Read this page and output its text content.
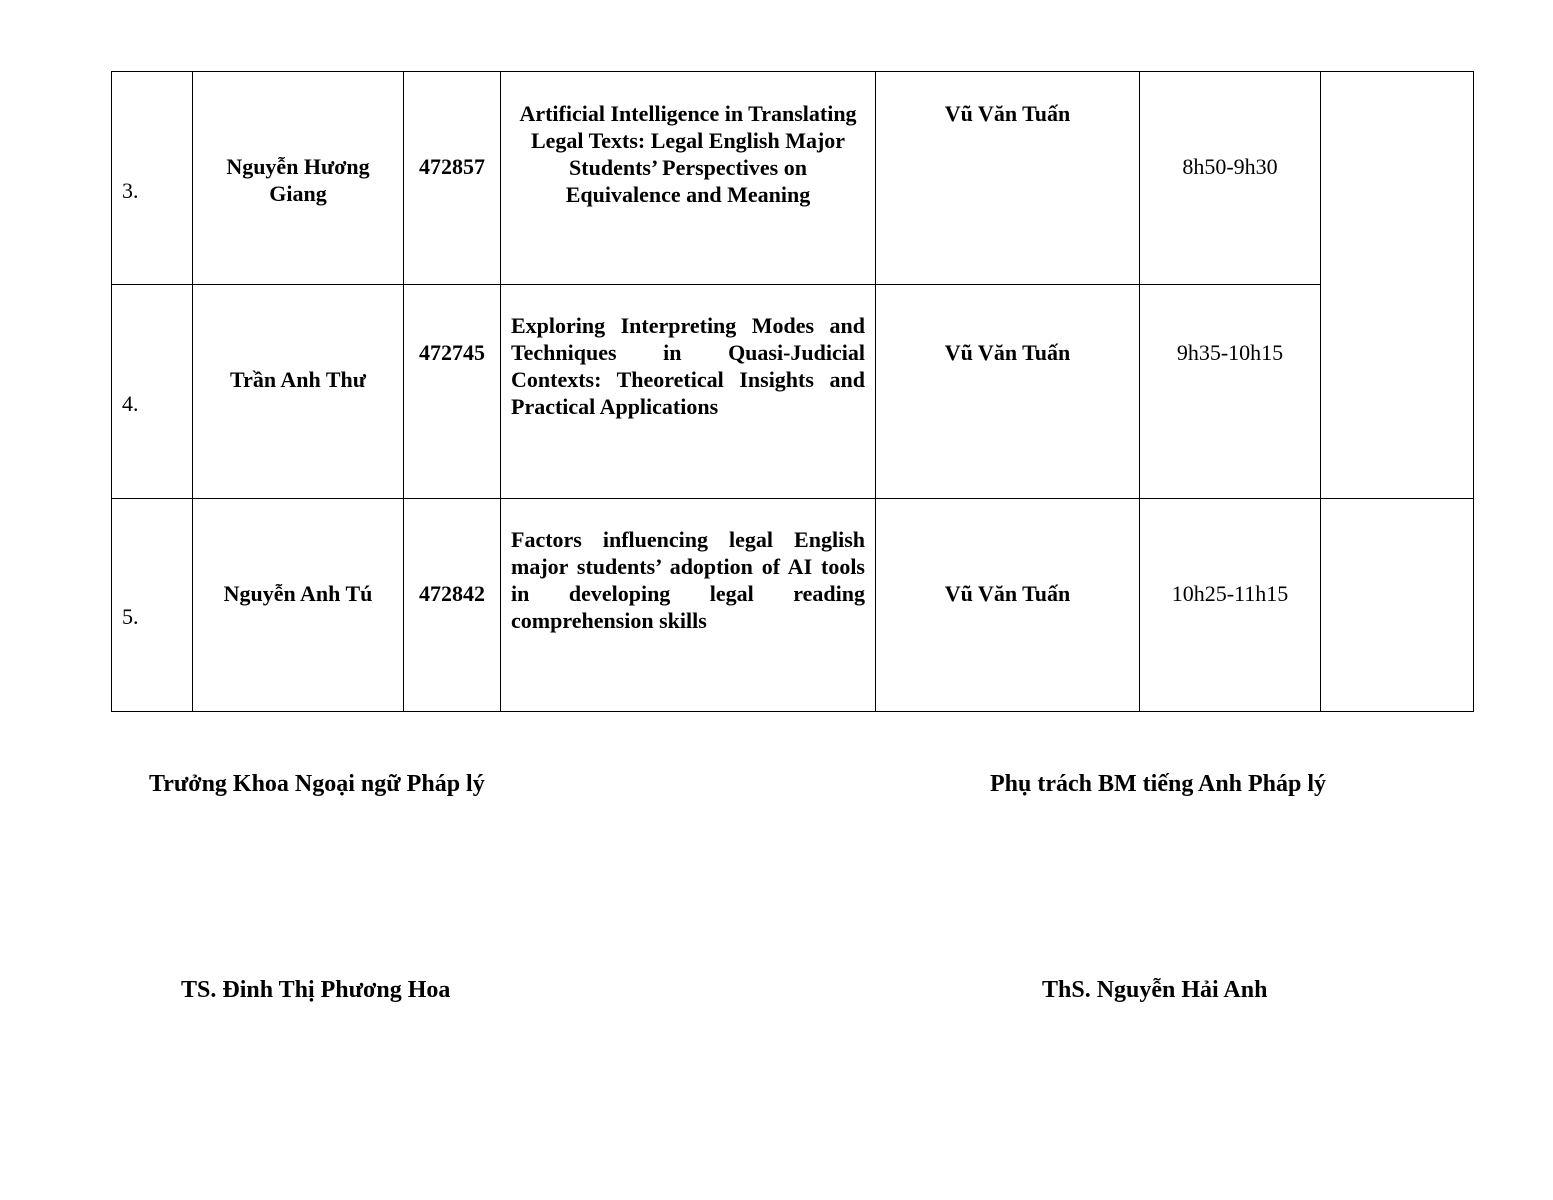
3.	Nguyễn Hương Giang	472857	Artificial Intelligence in Translating Legal Texts: Legal English Major Students’ Perspectives on Equivalence and Meaning	Vũ Văn Tuấn	8h50-9h30	

4.	Trần Anh Thư	472745	Exploring Interpreting Modes and Techniques in Quasi-Judicial Contexts: Theoretical Insights and Practical Applications	Vũ Văn Tuấn	9h35-10h15	

5.	Nguyễn Anh Tú	472842	Factors influencing legal English major students’ adoption of AI tools in developing legal reading comprehension skills	Vũ Văn Tuấn	10h25-11h15	
Trưởng Khoa Ngoại ngữ Pháp lý	Phụ trách BM tiếng Anh Pháp lý
TS. Đinh Thị Phương Hoa	ThS. Nguyễn Hải Anh
